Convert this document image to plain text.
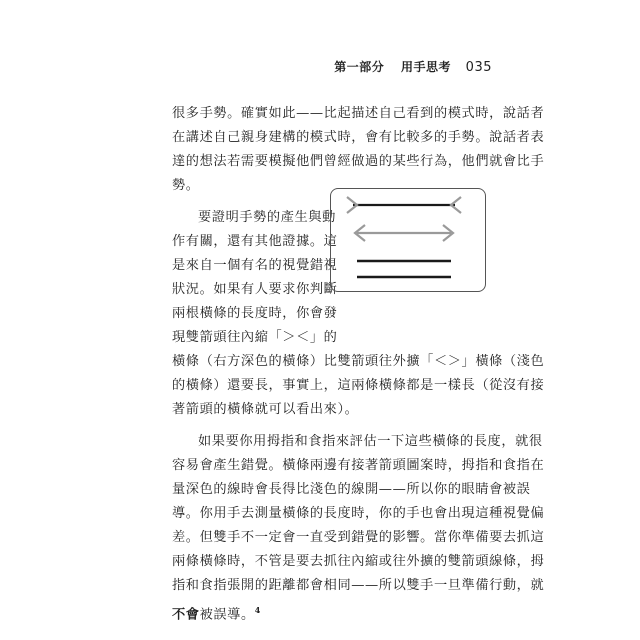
第一部分 用手思考 035
很多手勢。確實如此——比起描述自己看到的模式時，說話者
在講述自己親身建構的模式時，會有比較多的手勢。說話者表
達的想法若需要模擬他們曾經做過的某些行為，他們就會比手
勢。
要證明手勢的產生與動
作有關，還有其他證據。這
是來自一個有名的視覺錯視
狀況。如果有人要求你判斷
兩根橫條的長度時，你會發
現雙箭頭往內縮「＞＜」的
橫條（右方深色的橫條）比雙箭頭往外擴「＜＞」橫條（淺色
的橫條）還要長，事實上，這兩條橫條都是一樣長（從沒有接
著箭頭的橫條就可以看出來）。
如果要你用拇指和食指來評估一下這些橫條的長度，就很
容易會產生錯覺。橫條兩邊有接著箭頭圖案時，拇指和食指在
量深色的線時會長得比淺色的線開——所以你的眼睛會被誤
導。你用手去測量橫條的長度時，你的手也會出現這種視覺偏
差。但雙手不一定會一直受到錯覺的影響。當你準備要去抓這
兩條橫條時，不管是要去抓往內縮或往外擴的雙箭頭線條，拇
指和食指張開的距離都會相同——所以雙手一旦準備行動，就
不會被誤導。$^4$
